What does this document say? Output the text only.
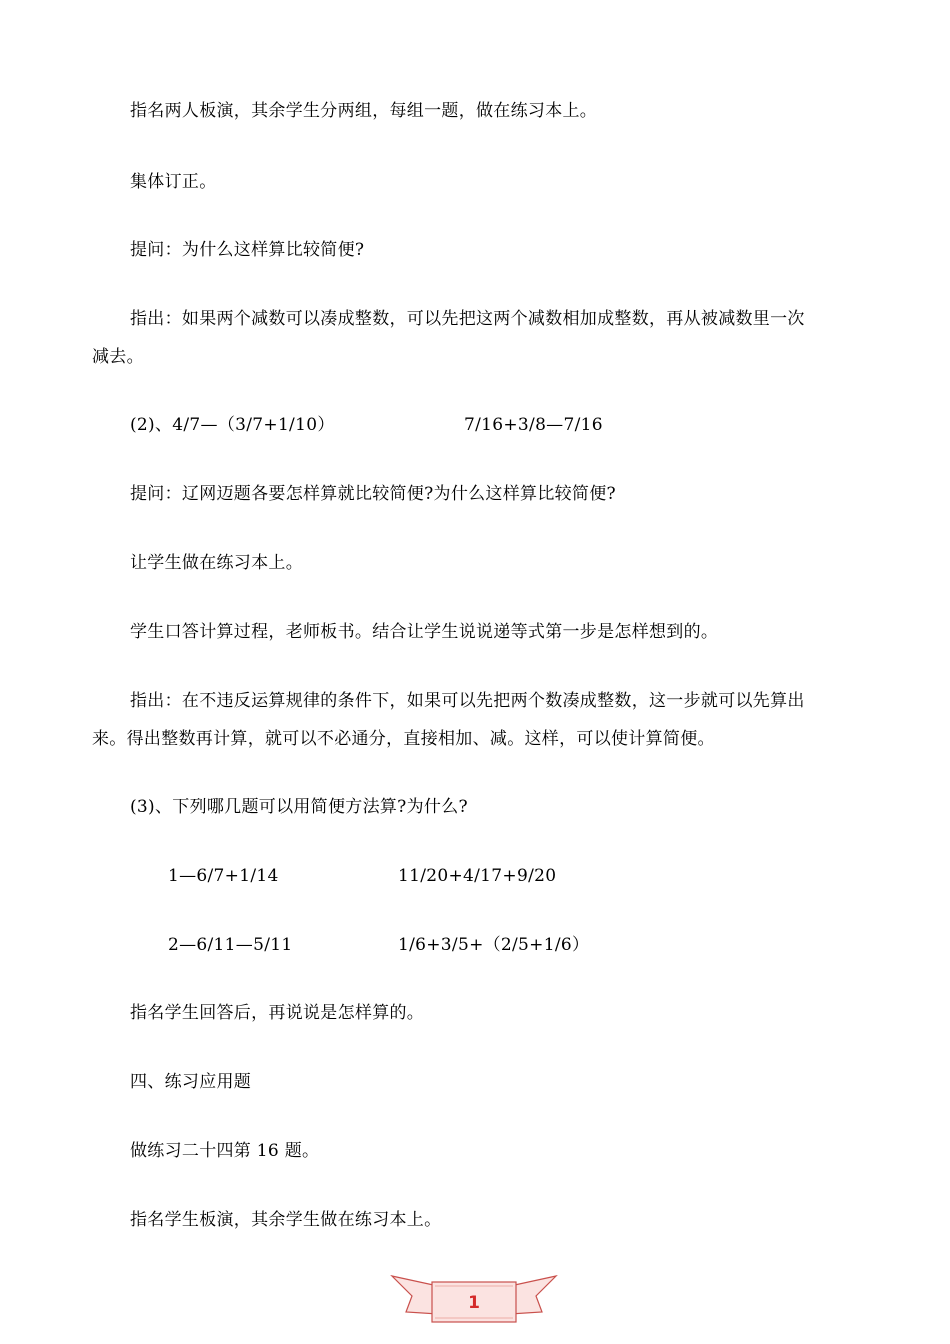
指名两人板演，其余学生分两组，每组一题，做在练习本上。
集体订正。
提问：为什么这样算比较简便?
指出：如果两个减数可以凑成整数，可以先把这两个减数相加成整数，再从被减数里一次
减去。
(2)、4/7—（3/7+1/10）	7/16+3/8—7/16
提问：辽网迈题各要怎样算就比较简便?为什么这样算比较简便?
让学生做在练习本上。
学生口答计算过程，老师板书。结合让学生说说递等式第一步是怎样想到的。
指出：在不违反运算规律的条件下，如果可以先把两个数凑成整数，这一步就可以先算出
来。得出整数再计算，就可以不必通分，直接相加、减。这样，可以使计算简便。
(3)、下列哪几题可以用简便方法算?为什么?
1—6/7+1/14	11/20+4/17+9/20
2—6/11—5/11	1/6+3/5+（2/5+1/6）
指名学生回答后，再说说是怎样算的。
四、练习应用题
做练习二十四第 16 题。
指名学生板演，其余学生做在练习本上。
1
